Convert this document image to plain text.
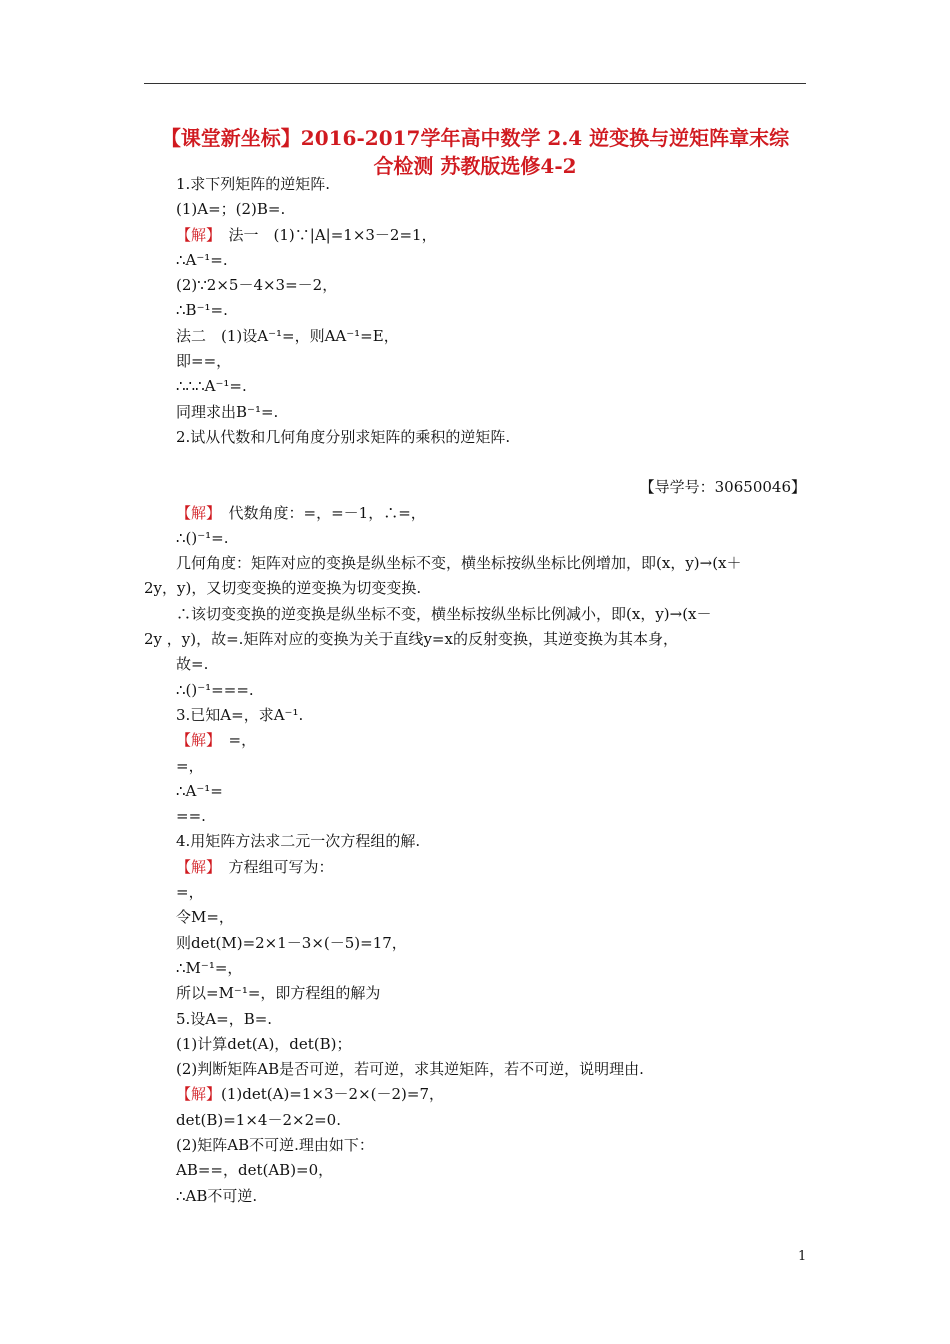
【课堂新坐标】2016-2017学年高中数学 2.4 逆变换与逆矩阵章末综
合检测 苏教版选修4-2

1.求下列矩阵的逆矩阵.

(1)A=；(2)B=.

【解】　法一　(1)∵|A|=1×3－2=1，

∴A⁻¹=.

(2)∵2×5－4×3=－2，

∴B⁻¹=.

法二　(1)设A⁻¹=，则AA⁻¹=E，

即==，

∴∴∴A⁻¹=.

同理求出B⁻¹=.

2.试从代数和几何角度分别求矩阵的乘积的逆矩阵.

【导学号：30650046】

【解】　代数角度：=，=－1，∴=，

∴()⁻¹=.

几何角度：矩阵对应的变换是纵坐标不变，横坐标按纵坐标比例增加，即(x，y)→(x＋

2y，y)，又切变变换的逆变换为切变变换.

∴该切变变换的逆变换是纵坐标不变，横坐标按纵坐标比例减小，即(x，y)→(x－

2y ，y)，故=.矩阵对应的变换为关于直线y=x的反射变换，其逆变换为其本身，

故=.

∴()⁻¹===.

3.已知A=，求A⁻¹.

【解】　=，

=，

∴A⁻¹=

==.

4.用矩阵方法求二元一次方程组的解.

【解】　方程组可写为：

=，

令M=，

则det(M)=2×1－3×(－5)=17，

∴M⁻¹=，

所以=M⁻¹=，即方程组的解为

5.设A=，B=.

(1)计算det(A)，det(B)；

(2)判断矩阵AB是否可逆，若可逆，求其逆矩阵，若不可逆，说明理由.

【解】(1)det(A)=1×3－2×(－2)=7，

det(B)=1×4－2×2=0.

(2)矩阵AB不可逆.理由如下：

AB==，det(AB)=0，

∴AB不可逆.

1
